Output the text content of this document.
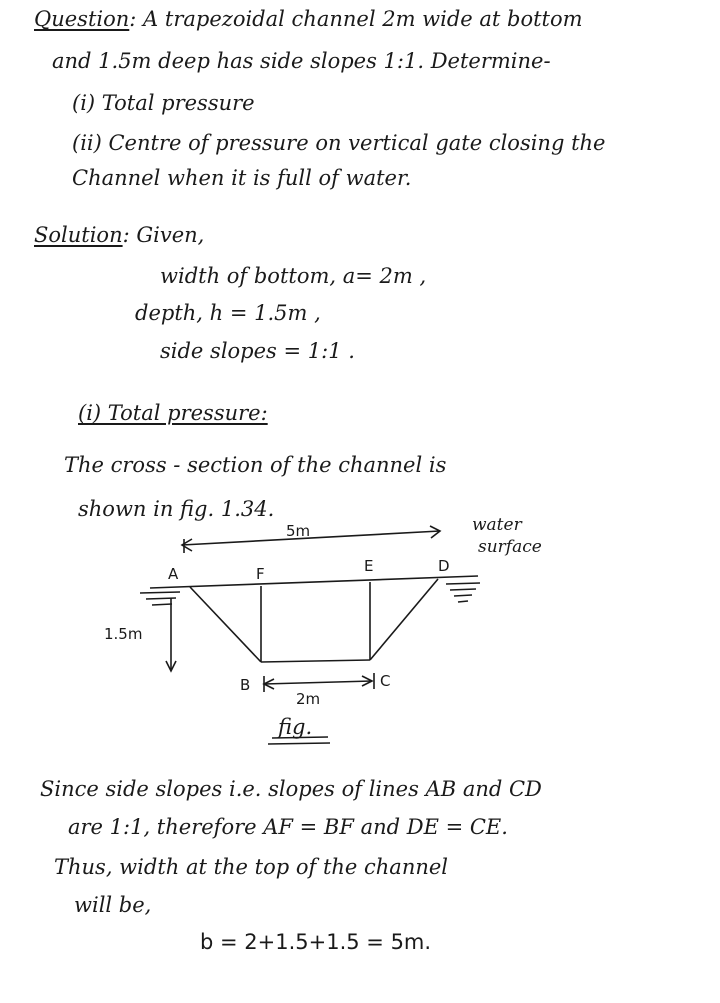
Question: A trapezoidal channel 2m wide at bottom
and 1.5m deep has side slopes 1:1. Determine-
(i) Total pressure
(ii) Centre of pressure on vertical gate closing the
Channel when it is full of water.
Solution: Given,
width of bottom, a= 2m ,
depth, h = 1.5m ,
side slopes = 1:1 .
(i) Total pressure:
The cross - section of the channel is
shown in fig. 1.34.
5m
A	F	E	D
water
surface
1.5m
B	C
2m
fig.
Since side slopes i.e. slopes of lines AB and CD
are 1:1, therefore AF = BF and DE = CE.
Thus, width at the top of the channel
will be,
b = 2+1.5+1.5 = 5m.
